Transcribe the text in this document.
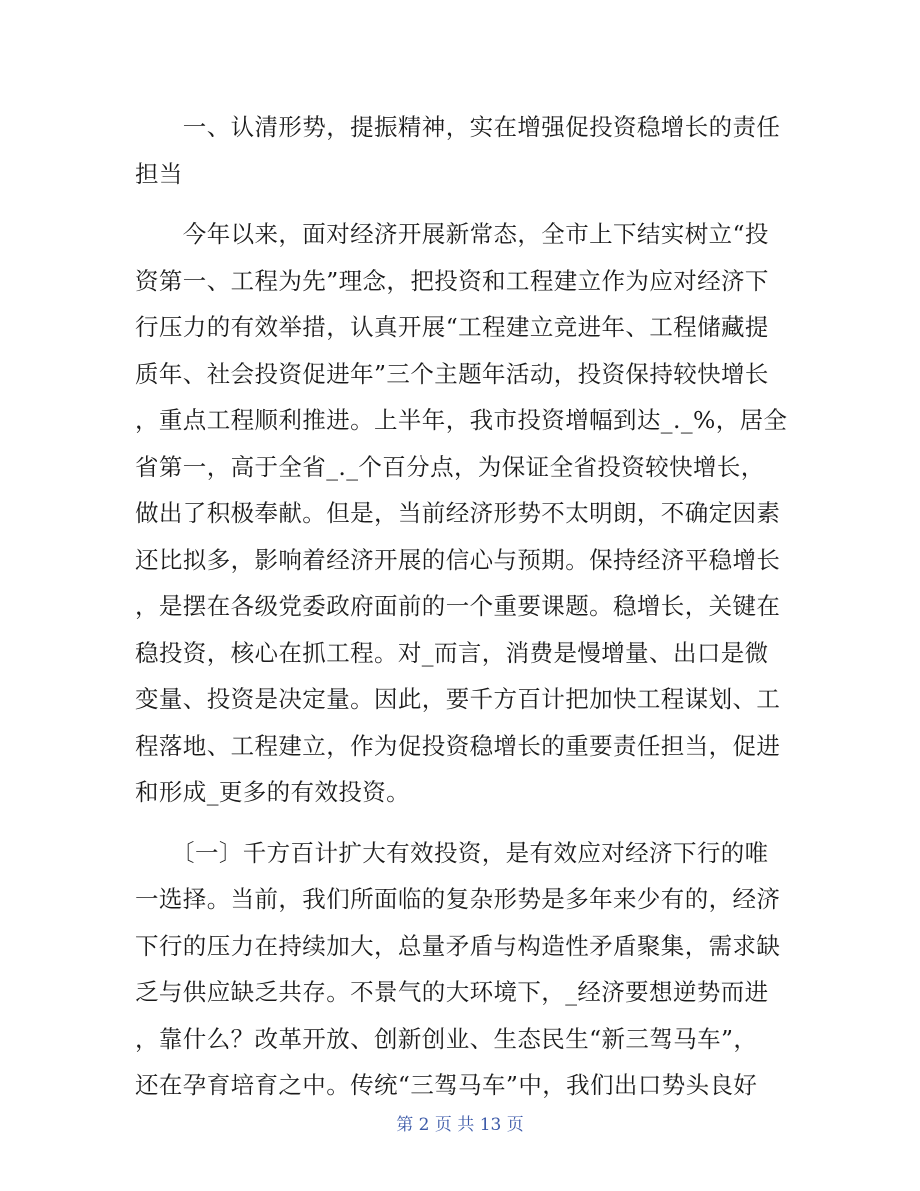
　　一、认清形势，提振精神，实在增强促投资稳增长的责任
担当
　　今年以来，面对经济开展新常态，全市上下结实树立“投
资第一、工程为先”理念，把投资和工程建立作为应对经济下
行压力的有效举措，认真开展“工程建立竞进年、工程储藏提
质年、社会投资促进年”三个主题年活动，投资保持较快增长
，重点工程顺利推进。上半年，我市投资增幅到达_._%，居全
省第一，高于全省_._个百分点，为保证全省投资较快增长，
做出了积极奉献。但是，当前经济形势不太明朗，不确定因素
还比拟多，影响着经济开展的信心与预期。保持经济平稳增长
，是摆在各级党委政府面前的一个重要课题。稳增长，关键在
稳投资，核心在抓工程。对_而言，消费是慢增量、出口是微
变量、投资是决定量。因此，要千方百计把加快工程谋划、工
程落地、工程建立，作为促投资稳增长的重要责任担当，促进
和形成_更多的有效投资。
　　〔一〕千方百计扩大有效投资，是有效应对经济下行的唯
一选择。当前，我们所面临的复杂形势是多年来少有的，经济
下行的压力在持续加大，总量矛盾与构造性矛盾聚集，需求缺
乏与供应缺乏共存。不景气的大环境下，_经济要想逆势而进
，靠什么？改革开放、创新创业、生态民生“新三驾马车”，
还在孕育培育之中。传统“三驾马车”中，我们出口势头良好
第 2 页 共 13 页
